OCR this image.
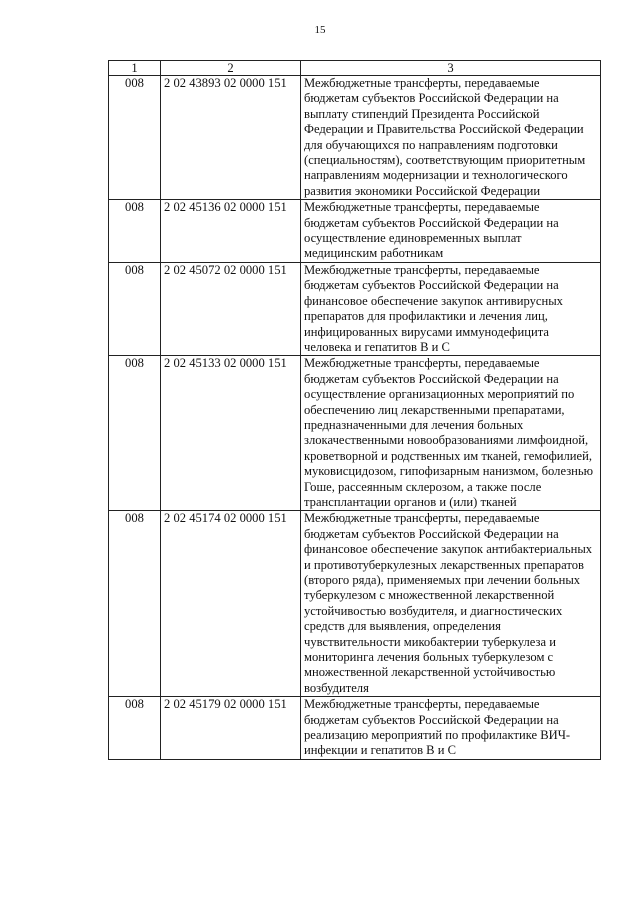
15
1	2	3
008	2 02 43893 02 0000 151	Межбюджетные трансферты, передаваемые бюджетам субъектов Российской Федерации на выплату стипендий Президента Российской Федерации и Правительства Российской Федерации для обучающихся по направлениям подготовки (специальностям), соответствующим приоритетным направлениям модернизации и технологического развития экономики Российской Федерации
008	2 02 45136 02 0000 151	Межбюджетные трансферты, передаваемые бюджетам субъектов Российской Федерации на осуществление единовременных выплат медицинским работникам
008	2 02 45072 02 0000 151	Межбюджетные трансферты, передаваемые бюджетам субъектов Российской Федерации на финансовое обеспечение закупок антивирусных препаратов для профилактики и лечения лиц, инфицированных вирусами иммунодефицита человека и гепатитов В и С
008	2 02 45133 02 0000 151	Межбюджетные трансферты, передаваемые бюджетам субъектов Российской Федерации на осуществление организационных мероприятий по обеспечению лиц лекарственными препаратами, предназначенными для лечения больных злокачественными новообразованиями лимфоидной, кроветворной и родственных им тканей, гемофилией, муковисцидозом, гипофизарным нанизмом, болезнью Гоше, рассеянным склерозом, а также после трансплантации органов и (или) тканей
008	2 02 45174 02 0000 151	Межбюджетные трансферты, передаваемые бюджетам субъектов Российской Федерации на финансовое обеспечение закупок антибактериальных и противотуберкулезных лекарственных препаратов (второго ряда), применяемых при лечении больных туберкулезом с множественной лекарственной устойчивостью возбудителя, и диагностических средств для выявления, определения чувствительности микобактерии туберкулеза и мониторинга лечения больных туберкулезом с множественной лекарственной устойчивостью возбудителя
008	2 02 45179 02 0000 151	Межбюджетные трансферты, передаваемые бюджетам субъектов Российской Федерации на реализацию мероприятий по профилактике ВИЧ-инфекции и гепатитов В и С
